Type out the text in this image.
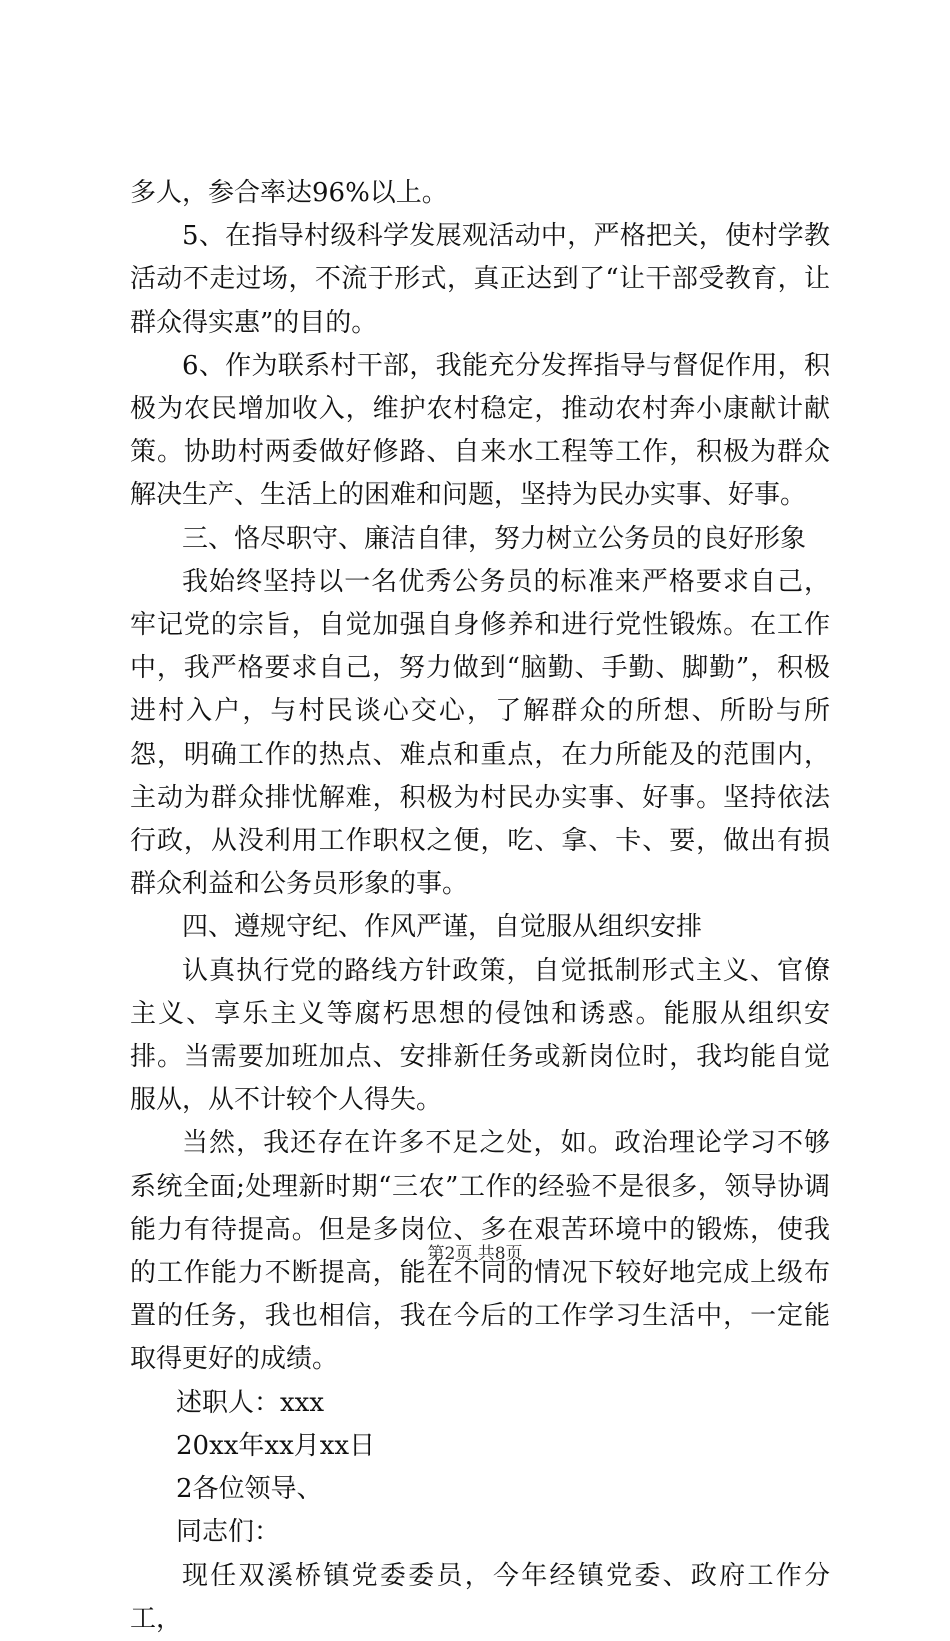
多人，参合率达96%以上。

5、在指导村级科学发展观活动中，严格把关，使村学教活动不走过场，不流于形式，真正达到了“让干部受教育，让群众得实惠”的目的。

6、作为联系村干部，我能充分发挥指导与督促作用，积极为农民增加收入，维护农村稳定，推动农村奔小康献计献策。协助村两委做好修路、自来水工程等工作，积极为群众解决生产、生活上的困难和问题，坚持为民办实事、好事。

三、恪尽职守、廉洁自律，努力树立公务员的良好形象

我始终坚持以一名优秀公务员的标准来严格要求自己，牢记党的宗旨，自觉加强自身修养和进行党性锻炼。在工作中，我严格要求自己，努力做到“脑勤、手勤、脚勤”，积极进村入户，与村民谈心交心，了解群众的所想、所盼与所怨，明确工作的热点、难点和重点，在力所能及的范围内，主动为群众排忧解难，积极为村民办实事、好事。坚持依法行政，从没利用工作职权之便，吃、拿、卡、要，做出有损群众利益和公务员形象的事。

四、遵规守纪、作风严谨，自觉服从组织安排

认真执行党的路线方针政策，自觉抵制形式主义、官僚主义、享乐主义等腐朽思想的侵蚀和诱惑。能服从组织安排。当需要加班加点、安排新任务或新岗位时，我均能自觉服从，从不计较个人得失。

当然，我还存在许多不足之处，如。政治理论学习不够系统全面;处理新时期“三农”工作的经验不是很多，领导协调能力有待提高。但是多岗位、多在艰苦环境中的锻炼，使我的工作能力不断提高，能在不同的情况下较好地完成上级布置的任务，我也相信，我在今后的工作学习生活中，一定能取得更好的成绩。

述职人：xxx

20xx年xx月xx日

2各位领导、

同志们：

现任双溪桥镇党委委员，今年经镇党委、政府工作分工，

第2页 共8页
